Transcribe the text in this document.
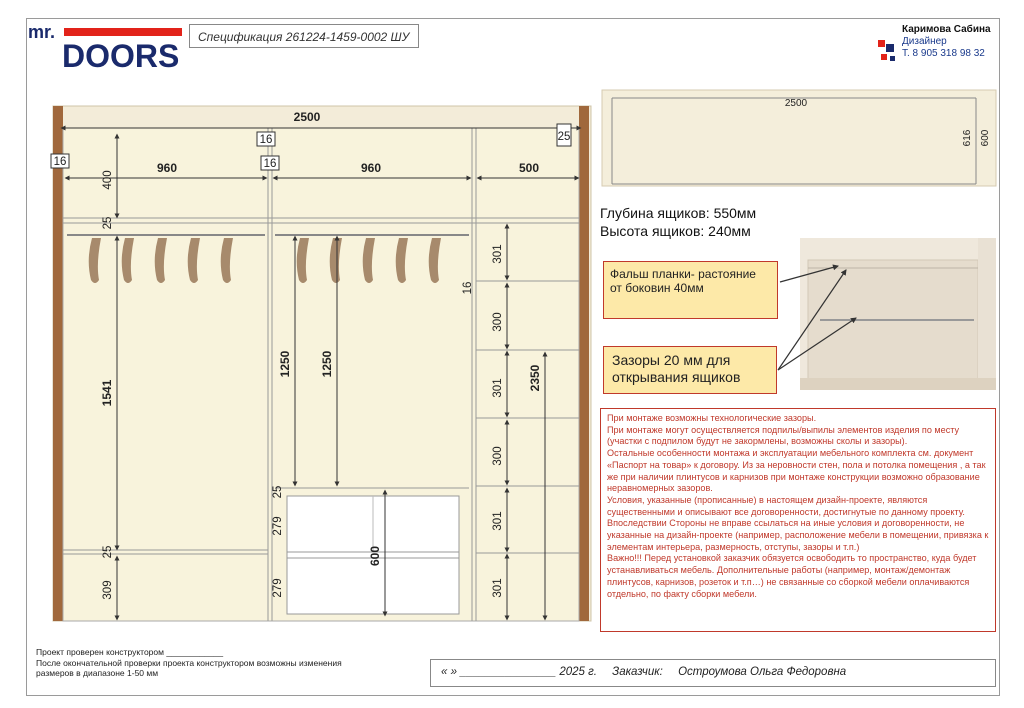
mr.
DOORS
Спецификация 261224-1459-0002 ШУ
Каримова Сабина
Дизайнер
Т. 8 905 318 98 32
2500
16
16
25
16	960	960	500
400
25
1541
25
309
1250 1250
25
279
279
600
2350
301
300
301
300
301
301
16
2500
616 600
Глубина ящиков: 550мм
Высота ящиков: 240мм
Фальш планки- растояние от боковин 40мм
Зазоры 20 мм для открывания ящиков

При монтаже возможны технологические зазоры.

При монтаже могут осуществляется подпилы/выпилы элементов изделия по месту (участки с подпилом будут не закормлены, возможны сколы и зазоры).

Остальные особенности монтажа и эксплуатации мебельного комплекта см. документ «Паспорт на товар» к договору. Из за неровности стен, пола и потолка помещения , а так же при наличии плинтусов и карнизов при монтаже конструкции возможно образование неравномерных зазоров.

Условия, указанные (прописанные) в настоящем дизайн-проекте, являются существенными и описывают все договоренности, достигнутые по данному проекту. Впоследствии Стороны не вправе ссылаться на иные условия и договоренности, не указанные на дизайн-проекте (например, расположение мебели в помещении, привязка к элементам интерьера, размерность, отступы, зазоры и т.п.)

Важно!!! Перед установкой заказчик обязуется освободить то пространство, куда будет устанавливаться мебель. Дополнительные работы (например, монтаж/демонтаж плинтусов, карнизов, розеток и т.п…) не связанные со сборкой мебели оплачиваются отдельно, по факту сборки мебели.

Проект проверен конструктором ____________
После окончательной проверки проекта конструктором возможны изменения
размеров в диапазоне 1-50 мм	« » _______________ 2025 г. Заказчик: Остроумова Ольга Федоровна
